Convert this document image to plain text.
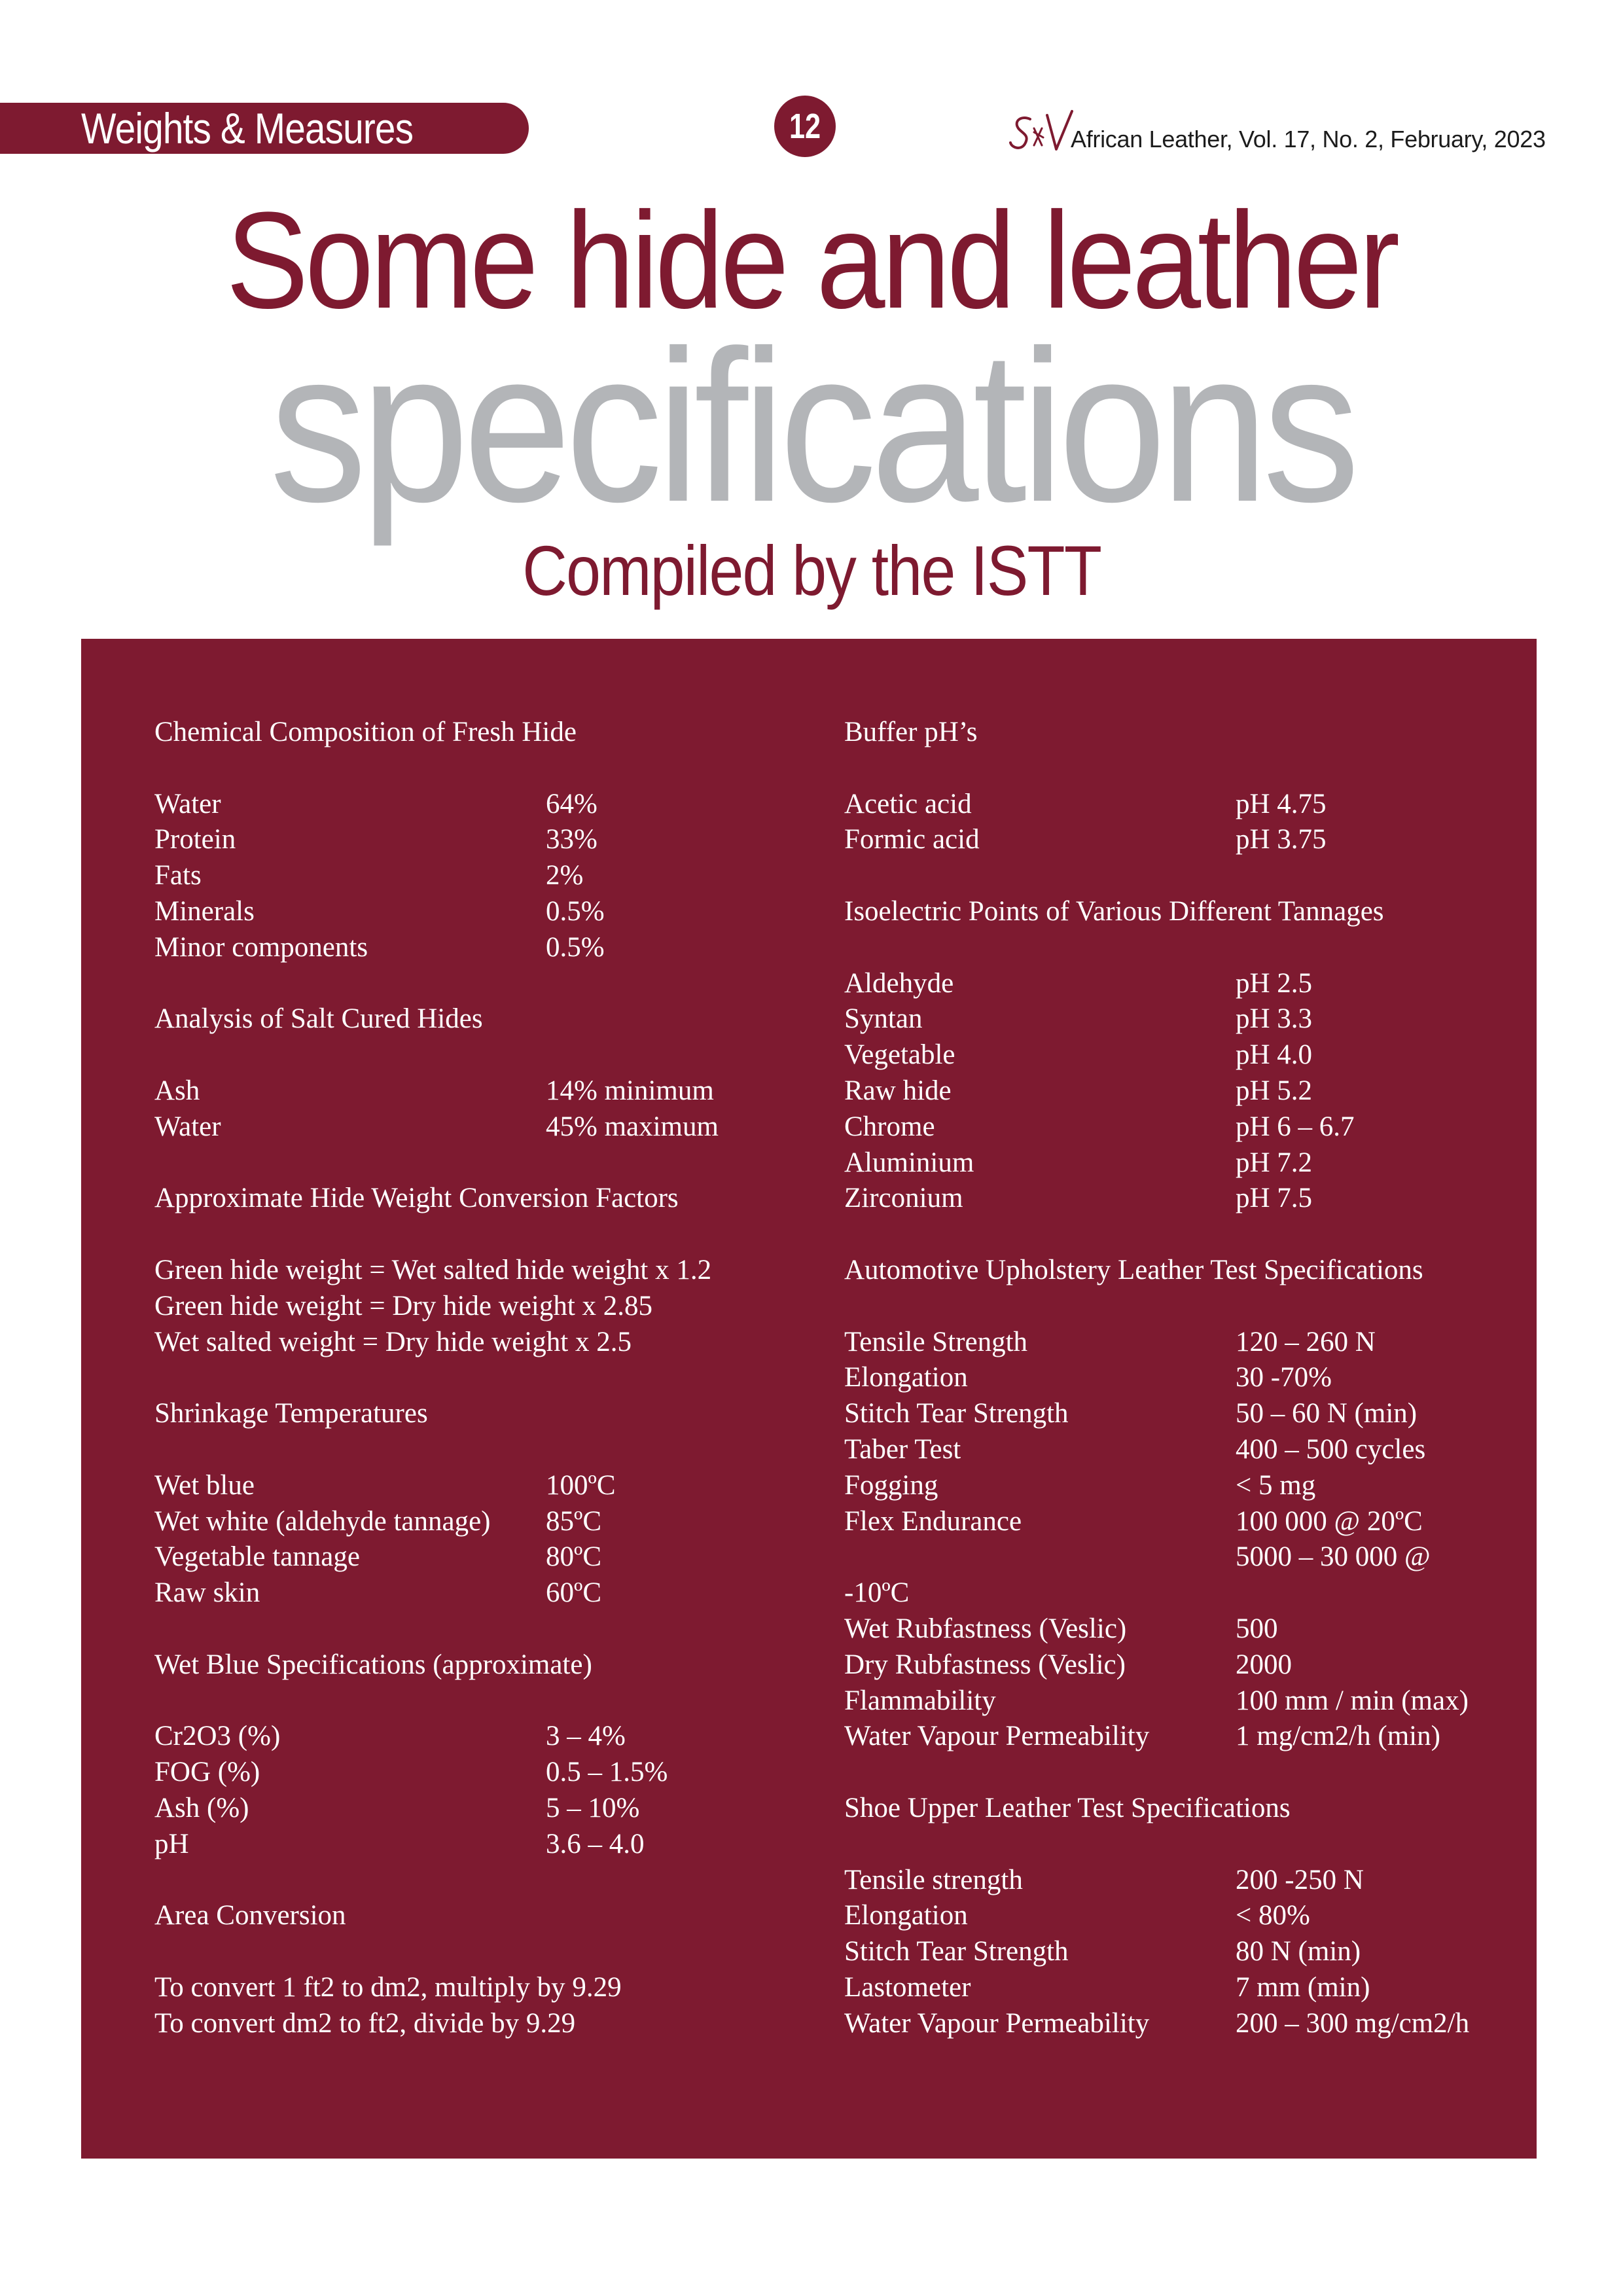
Weights & Measures	12	African Leather, Vol. 17, No. 2, February, 2023
Some hide and leather
specifications
Compiled by the ISTT
Chemical Composition of Fresh Hide
Water	64%
Protein	33%
Fats	2%
Minerals	0.5%
Minor components	0.5%
Analysis of Salt Cured Hides
Ash	14% minimum
Water	45% maximum
Approximate Hide Weight Conversion Factors
Green hide weight = Wet salted hide weight x 1.2
Green hide weight = Dry hide weight x 2.85
Wet salted weight = Dry hide weight x 2.5
Shrinkage Temperatures
Wet blue	100ºC
Wet white (aldehyde tannage)	85ºC
Vegetable tannage	80ºC
Raw skin	60ºC
Wet Blue Specifications (approximate)
Cr2O3 (%)	3 – 4%
FOG (%)	0.5 – 1.5%
Ash (%)	5 – 10%
pH	3.6 – 4.0
Area Conversion
To convert 1 ft2 to dm2, multiply by 9.29
To convert dm2 to ft2, divide by 9.29
Buffer pH’s
Acetic acid	pH 4.75
Formic acid	pH 3.75
Isoelectric Points of Various Different Tannages
Aldehyde	pH 2.5
Syntan	pH 3.3
Vegetable	pH 4.0
Raw hide	pH 5.2
Chrome	pH 6 – 6.7
Aluminium	pH 7.2
Zirconium	pH 7.5
Automotive Upholstery Leather Test Specifications
Tensile Strength	120 – 260 N
Elongation	30 -70%
Stitch Tear Strength	50 – 60 N (min)
Taber Test	400 – 500 cycles
Fogging	< 5 mg
Flex Endurance	100 000 @ 20ºC
5000 – 30 000 @
-10ºC
Wet Rubfastness (Veslic)	500
Dry Rubfastness (Veslic)	2000
Flammability	100 mm / min (max)
Water Vapour Permeability	1 mg/cm2/h (min)
Shoe Upper Leather Test Specifications
Tensile strength	200 -250 N
Elongation	< 80%
Stitch Tear Strength	80 N (min)
Lastometer	7 mm (min)
Water Vapour Permeability	200 – 300 mg/cm2/h
